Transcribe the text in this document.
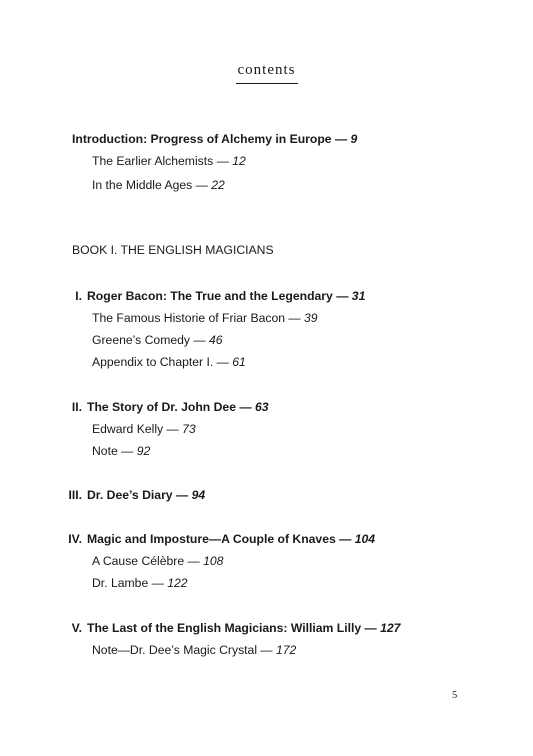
contents
Introduction: Progress of Alchemy in Europe — 9
The Earlier Alchemists — 12
In the Middle Ages — 22
BOOK I. THE ENGLISH MAGICIANS
I. Roger Bacon: The True and the Legendary — 31
The Famous Historie of Friar Bacon — 39
Greene’s Comedy — 46
Appendix to Chapter I. — 61
II. The Story of Dr. John Dee — 63
Edward Kelly — 73
Note — 92
III. Dr. Dee’s Diary — 94
IV. Magic and Imposture—A Couple of Knaves — 104
A Cause Célèbre — 108
Dr. Lambe — 122
V. The Last of the English Magicians: William Lilly — 127
Note—Dr. Dee’s Magic Crystal — 172
5
